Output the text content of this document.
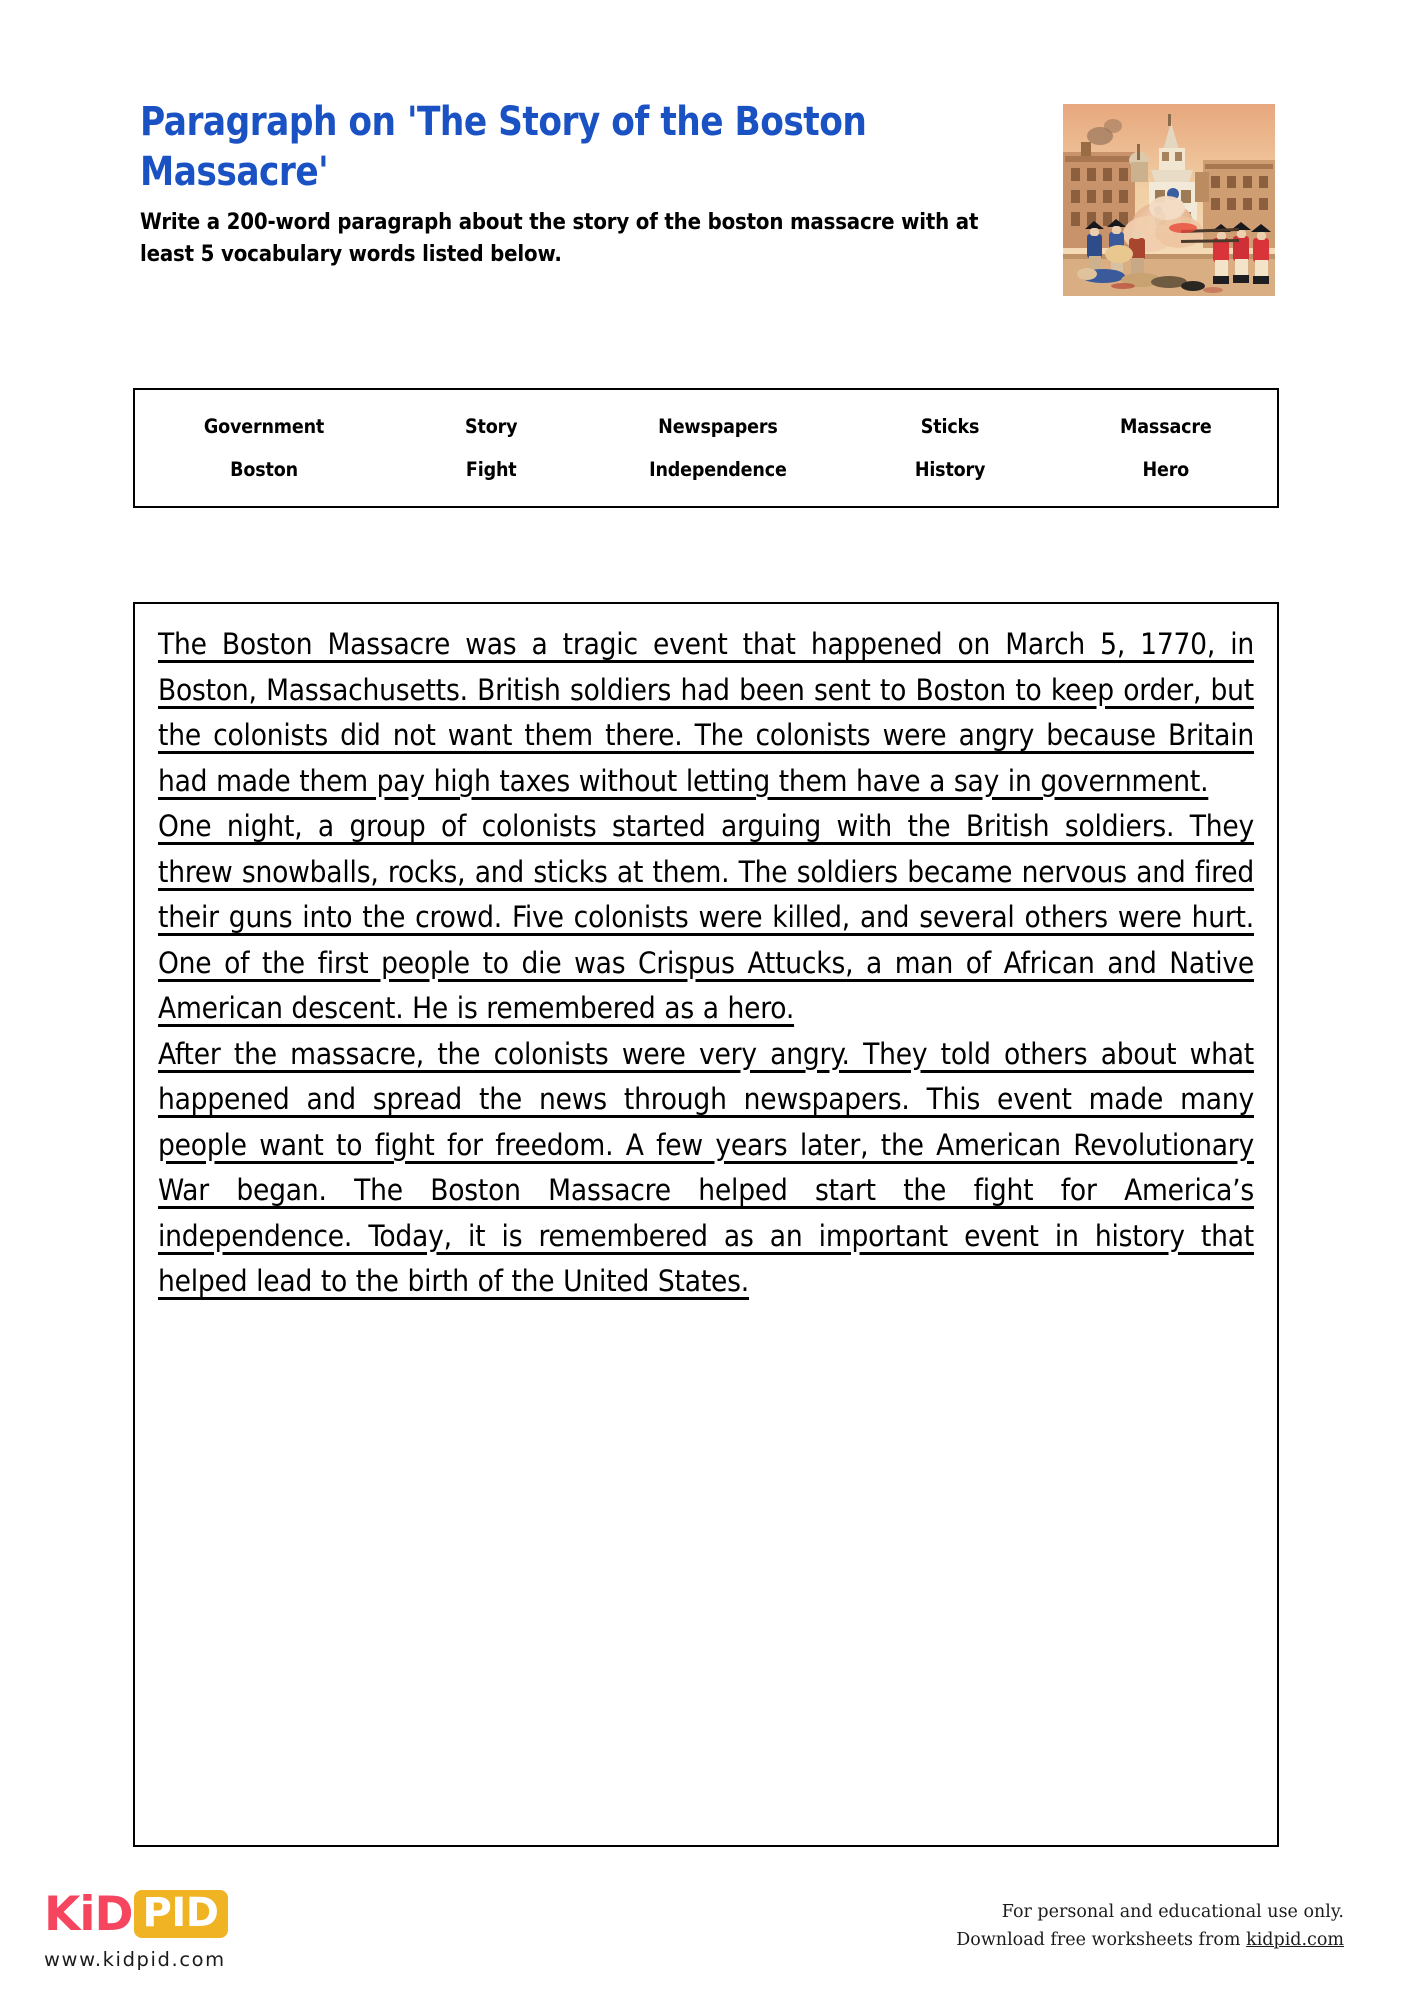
Paragraph on 'The Story of the Boston Massacre'

Write a 200-word paragraph about the story of the boston massacre with at least 5 vocabulary words listed below.

Government	Story	Newspapers	Sticks	Massacre
Boston	Fight	Independence	History	Hero

The Boston Massacre was a tragic event that happened on March 5, 1770, in Boston, Massachusetts. British soldiers had been sent to Boston to keep order, but the colonists did not want them there. The colonists were angry because Britain had made them pay high taxes without letting them have a say in government.

One night, a group of colonists started arguing with the British soldiers. They threw snowballs, rocks, and sticks at them. The soldiers became nervous and fired their guns into the crowd. Five colonists were killed, and several others were hurt. One of the first people to die was Crispus Attucks, a man of African and Native American descent. He is remembered as a hero.

After the massacre, the colonists were very angry. They told others about what happened and spread the news through newspapers. This event made many people want to fight for freedom. A few years later, the American Revolutionary War began. The Boston Massacre helped start the fight for America’s independence. Today, it is remembered as an important event in history that helped lead to the birth of the United States.

KiD PID
www.kidpid.com
For personal and educational use only.
Download free worksheets from kidpid.com
